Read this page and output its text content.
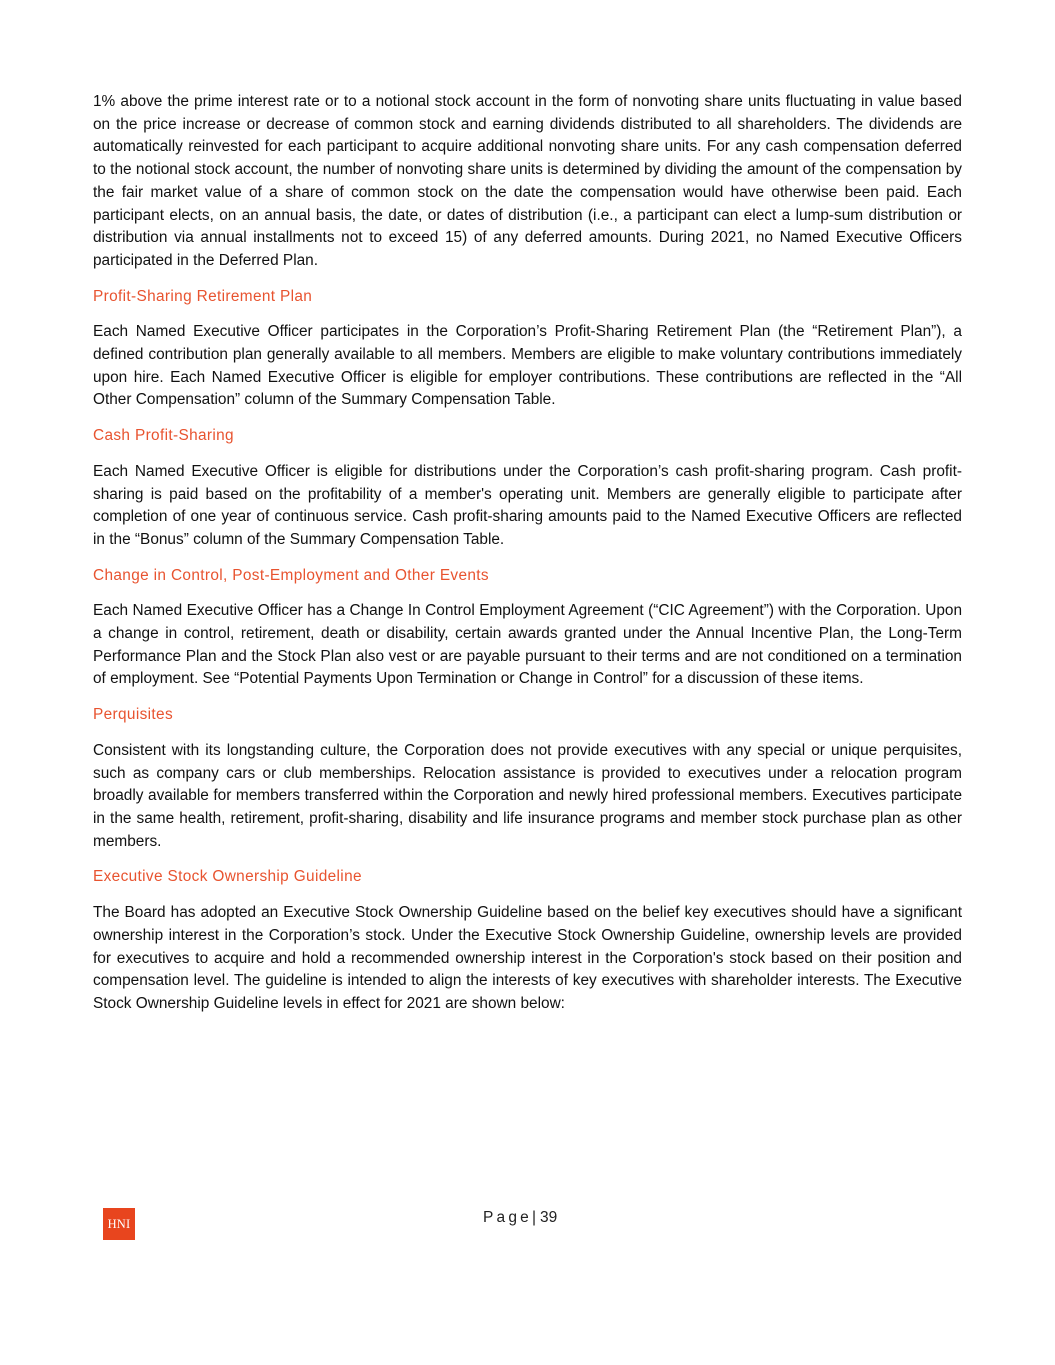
1% above the prime interest rate or to a notional stock account in the form of nonvoting share units fluctuating in value based on the price increase or decrease of common stock and earning dividends distributed to all shareholders. The dividends are automatically reinvested for each participant to acquire additional nonvoting share units. For any cash compensation deferred to the notional stock account, the number of nonvoting share units is determined by dividing the amount of the compensation by the fair market value of a share of common stock on the date the compensation would have otherwise been paid. Each participant elects, on an annual basis, the date, or dates of distribution (i.e., a participant can elect a lump-sum distribution or distribution via annual installments not to exceed 15) of any deferred amounts. During 2021, no Named Executive Officers participated in the Deferred Plan.

Profit-Sharing Retirement Plan

Each Named Executive Officer participates in the Corporation’s Profit-Sharing Retirement Plan (the “Retirement Plan”), a defined contribution plan generally available to all members. Members are eligible to make voluntary contributions immediately upon hire. Each Named Executive Officer is eligible for employer contributions. These contributions are reflected in the “All Other Compensation” column of the Summary Compensation Table.

Cash Profit-Sharing

Each Named Executive Officer is eligible for distributions under the Corporation’s cash profit-sharing program. Cash profit-sharing is paid based on the profitability of a member's operating unit. Members are generally eligible to participate after completion of one year of continuous service. Cash profit-sharing amounts paid to the Named Executive Officers are reflected in the “Bonus” column of the Summary Compensation Table.

Change in Control, Post-Employment and Other Events

Each Named Executive Officer has a Change In Control Employment Agreement (“CIC Agreement”) with the Corporation. Upon a change in control, retirement, death or disability, certain awards granted under the Annual Incentive Plan, the Long-Term Performance Plan and the Stock Plan also vest or are payable pursuant to their terms and are not conditioned on a termination of employment. See “Potential Payments Upon Termination or Change in Control” for a discussion of these items.

Perquisites

Consistent with its longstanding culture, the Corporation does not provide executives with any special or unique perquisites, such as company cars or club memberships. Relocation assistance is provided to executives under a relocation program broadly available for members transferred within the Corporation and newly hired professional members. Executives participate in the same health, retirement, profit-sharing, disability and life insurance programs and member stock purchase plan as other members.

Executive Stock Ownership Guideline

The Board has adopted an Executive Stock Ownership Guideline based on the belief key executives should have a significant ownership interest in the Corporation’s stock. Under the Executive Stock Ownership Guideline, ownership levels are provided for executives to acquire and hold a recommended ownership interest in the Corporation's stock based on their position and compensation level. The guideline is intended to align the interests of key executives with shareholder interests. The Executive Stock Ownership Guideline levels in effect for 2021 are shown below:

HNI	Page| 39
